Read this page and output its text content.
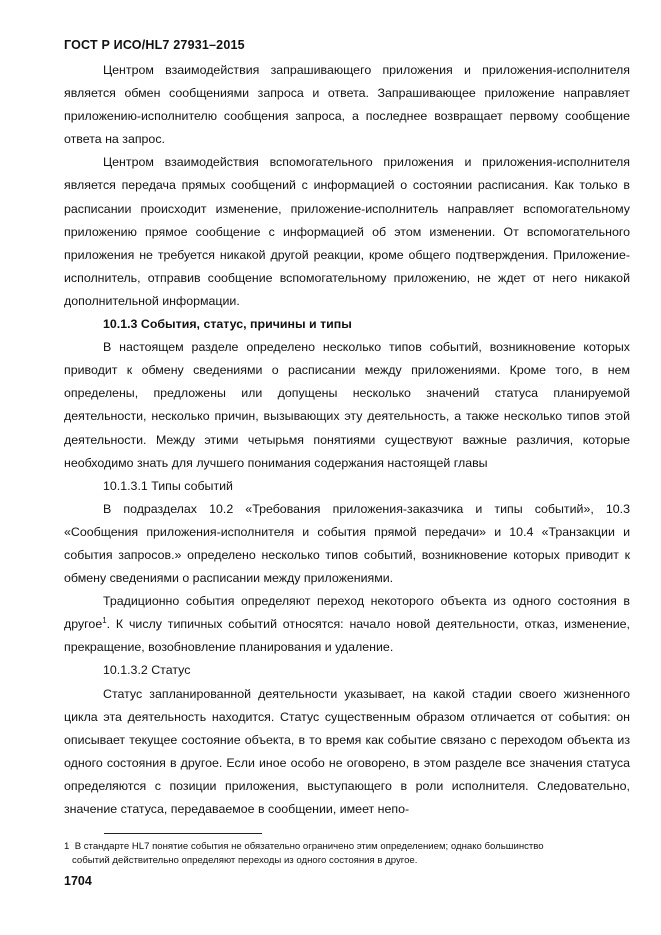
ГОСТ Р ИСО/HL7 27931–2015

Центром взаимодействия запрашивающего приложения и приложения-исполнителя является обмен сообщениями запроса и ответа. Запрашивающее приложение направляет приложению-исполнителю сообщения запроса, а последнее возвращает первому сообщение ответа на запрос.

Центром взаимодействия вспомогательного приложения и приложения-исполнителя является передача прямых сообщений с информацией о состоянии расписания. Как только в расписании происходит изменение, приложение-исполнитель направляет вспомогательному приложению прямое сообщение с информацией об этом изменении. От вспомогательного приложения не требуется никакой другой реакции, кроме общего подтверждения. Приложение-исполнитель, отправив сообщение вспомогательному приложению, не ждет от него никакой дополнительной информации.

10.1.3 События, статус, причины и типы

В настоящем разделе определено несколько типов событий, возникновение которых приводит к обмену сведениями о расписании между приложениями. Кроме того, в нем определены, предложены или допущены несколько значений статуса планируемой деятельности, несколько причин, вызывающих эту деятельность, а также несколько типов этой деятельности. Между этими четырьмя понятиями существуют важные различия, которые необходимо знать для лучшего понимания содержания настоящей главы

10.1.3.1 Типы событий

В подразделах 10.2 «Требования приложения-заказчика и типы событий», 10.3 «Сообщения приложения-исполнителя и события прямой передачи» и 10.4 «Транзакции и события запросов.» определено несколько типов событий, возникновение которых приводит к обмену сведениями о расписании между приложениями.

Традиционно события определяют переход некоторого объекта из одного состояния в другое$^1$. К числу типичных событий относятся: начало новой деятельности, отказ, изменение, прекращение, возобновление планирования и удаление.

10.1.3.2 Статус

Статус запланированной деятельности указывает, на какой стадии своего жизненного цикла эта деятельность находится. Статус существенным образом отличается от события: он описывает текущее состояние объекта, в то время как событие связано с переходом объекта из одного состояния в другое. Если иное особо не оговорено, в этом разделе все значения статуса определяются с позиции приложения, выступающего в роли исполнителя. Следовательно, значение статуса, передаваемое в сообщении, имеет непо-

1 В стандарте HL7 понятие события не обязательно ограничено этим определением; однако большинство
событий действительно определяют переходы из одного состояния в другое.
1704
